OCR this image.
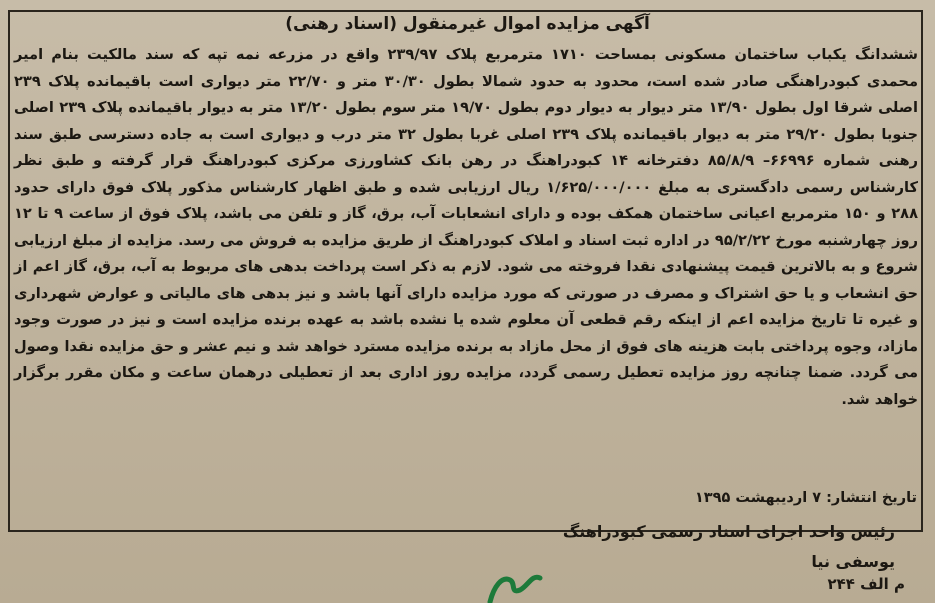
آگهی مزایده اموال غیرمنقول (اسناد رهنی)

ششدانگ یکباب ساختمان مسکونی بمساحت ۱۷۱۰ مترمربع پلاک ۲۳۹/۹۷ واقع در مزرعه نمه تپه که سند مالکیت بنام امیر محمدی کبودراهنگی صادر شده است، محدود به حدود شمالا بطول ۳۰/۳۰ متر و ۲۲/۷۰ متر دیواری است باقیمانده پلاک ۲۳۹ اصلی شرقا اول بطول ۱۳/۹۰ متر دیوار به دیوار دوم بطول ۱۹/۷۰ متر سوم بطول ۱۳/۲۰ متر به دیوار باقیمانده پلاک ۲۳۹ اصلی جنوبا بطول ۲۹/۲۰ متر به دیوار باقیمانده پلاک ۲۳۹ اصلی غربا بطول ۳۲ متر درب و دیواری است به جاده دسترسی طبق سند رهنی شماره ۶۶۹۹۶– ۸۵/۸/۹ دفترخانه ۱۴ کبودراهنگ در رهن بانک کشاورزی مرکزی کبودراهنگ قرار گرفته و طبق نظر کارشناس رسمی دادگستری به مبلغ ۱/۶۲۵/۰۰۰/۰۰۰ ریال ارزیابی شده و طبق اظهار کارشناس مذکور پلاک فوق دارای حدود ۲۸۸ و ۱۵۰ مترمربع اعیانی ساختمان همکف بوده و دارای انشعابات آب، برق، گاز و تلفن می باشد، پلاک فوق از ساعت ۹ تا ۱۲ روز چهارشنبه مورخ ۹۵/۲/۲۲ در اداره ثبت اسناد و املاک کبودراهنگ از طریق مزایده به فروش می رسد. مزایده از مبلغ ارزیابی شروع و به بالاترین قیمت پیشنهادی نقدا فروخته می شود. لازم به ذکر است پرداخت بدهی های مربوط به آب، برق، گاز اعم از حق انشعاب و یا حق اشتراک و مصرف در صورتی که مورد مزایده دارای آنها باشد و نیز بدهی های مالیاتی و عوارض شهرداری و غیره تا تاریخ مزایده اعم از اینکه رقم قطعی آن معلوم شده یا نشده باشد به عهده برنده مزایده است و نیز در صورت وجود مازاد، وجوه پرداختی بابت هزینه های فوق از محل مازاد به برنده مزایده مسترد خواهد شد و نیم عشر و حق مزایده نقدا وصول می گردد. ضمنا چنانچه روز مزایده تعطیل رسمی گردد، مزایده روز اداری بعد از تعطیلی درهمان ساعت و مکان مقرر برگزار خواهد شد.

تاریخ انتشار: ۷ اردیبهشت ۱۳۹۵
رئیس واحد اجرای اسناد رسمی کبودراهنگ
یوسفی نیا
م الف ۲۴۴
